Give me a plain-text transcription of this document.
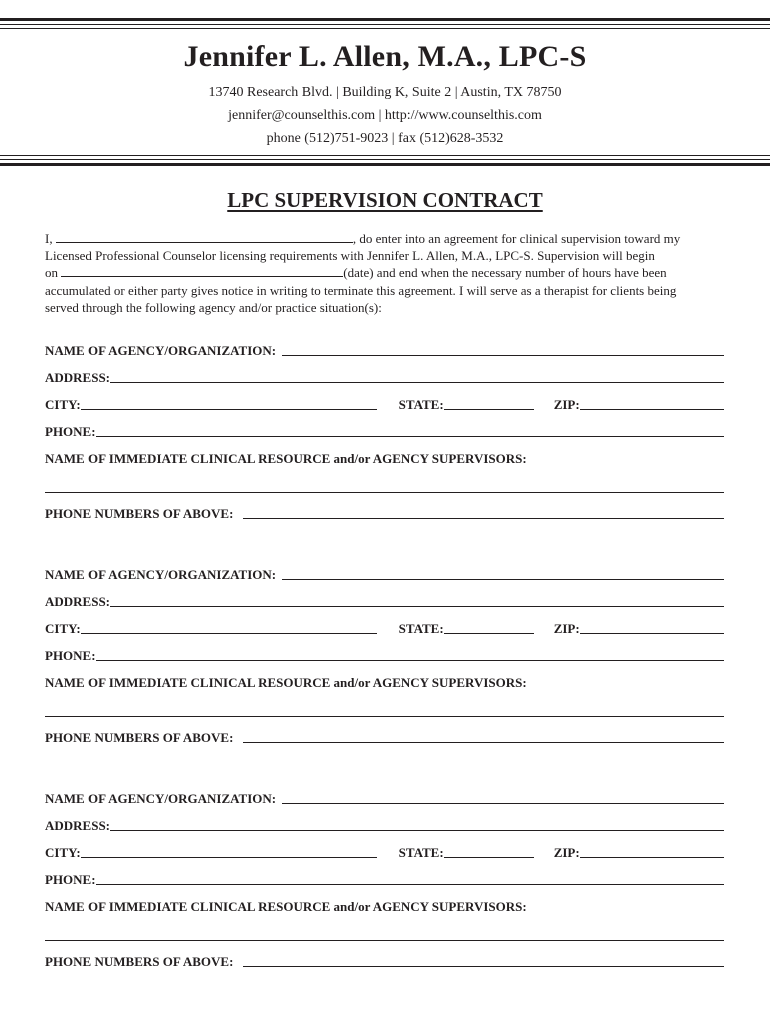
Jennifer L. Allen, M.A., LPC-S
13740 Research Blvd. | Building K, Suite 2 | Austin, TX 78750
jennifer@counselthis.com | http://www.counselthis.com
phone (512)751-9023 | fax (512)628-3532
LPC SUPERVISION CONTRACT
I,	, do enter into an agreement for clinical supervision toward my
Licensed Professional Counselor licensing requirements with Jennifer L. Allen, M.A., LPC-S. Supervision will begin
on	(date) and end when the necessary number of hours have been
accumulated or either party gives notice in writing to terminate this agreement. I will serve as a therapist for clients being
served through the following agency and/or practice situation(s):
NAME OF AGENCY/ORGANIZATION:
ADDRESS:
CITY:	STATE:	ZIP:
PHONE:
NAME OF IMMEDIATE CLINICAL RESOURCE and/or AGENCY SUPERVISORS:
PHONE NUMBERS OF ABOVE:
NAME OF AGENCY/ORGANIZATION:
ADDRESS:
CITY:	STATE:	ZIP:
PHONE:
NAME OF IMMEDIATE CLINICAL RESOURCE and/or AGENCY SUPERVISORS:
PHONE NUMBERS OF ABOVE:
NAME OF AGENCY/ORGANIZATION:
ADDRESS:
CITY:	STATE:	ZIP:
PHONE:
NAME OF IMMEDIATE CLINICAL RESOURCE and/or AGENCY SUPERVISORS:
PHONE NUMBERS OF ABOVE:
